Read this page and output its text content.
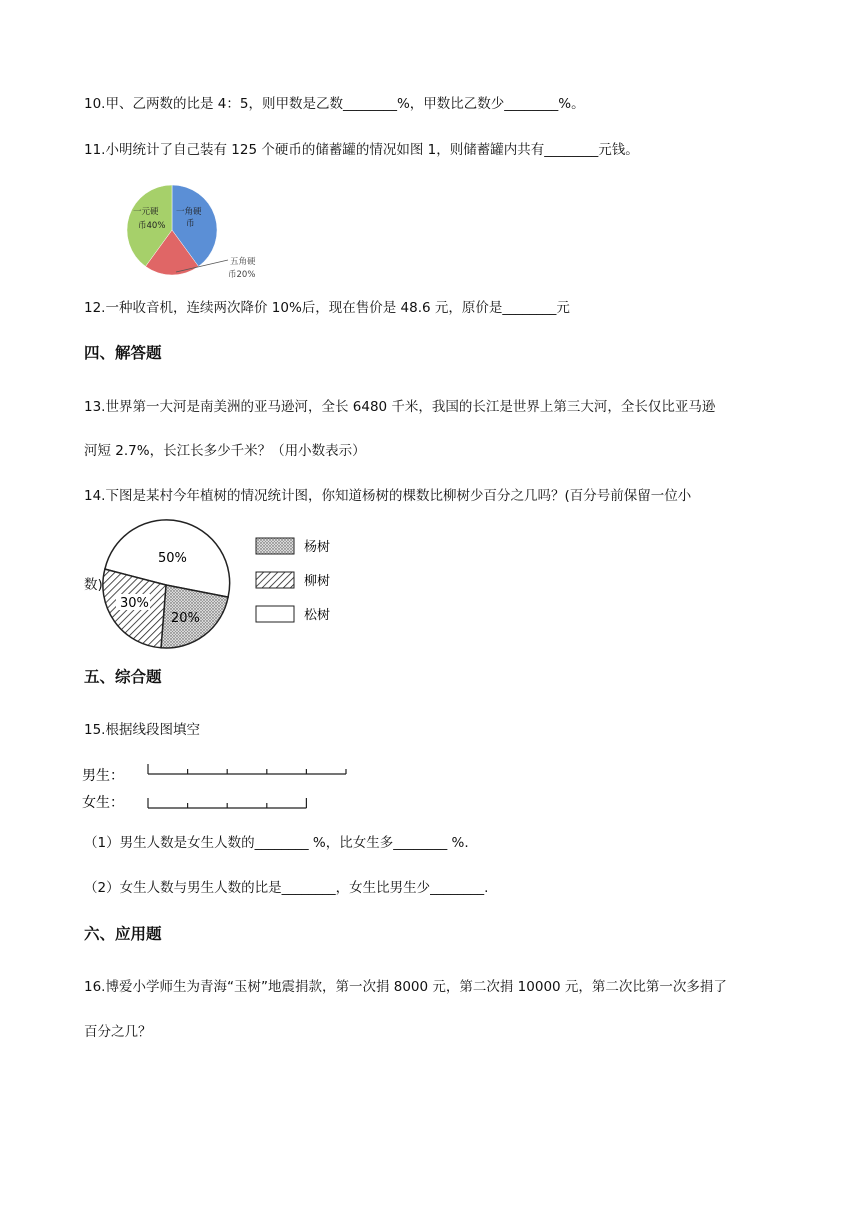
10.甲、乙两数的比是 4：5，则甲数是乙数________%，甲数比乙数少________%。
11.小明统计了自己装有 125 个硬币的储蓄罐的情况如图 1，则储蓄罐内共有________元钱。
一角硬
币
一元硬
币40%
五角硬
币20%
12.一种收音机，连续两次降价 10%后，现在售价是 48.6 元，原价是________元
四、解答题
13.世界第一大河是南美洲的亚马逊河，全长 6480 千米，我国的长江是世界上第三大河，全长仅比亚马逊
河短 2.7%，长江长多少千米？（用小数表示）
14.下图是某村今年植树的情况统计图，你知道杨树的棵数比柳树少百分之几吗？(百分号前保留一位小
数)
50%
20%
30%
杨树
柳树
松树
五、综合题
15.根据线段图填空
男生：
女生：
（1）男生人数是女生人数的________ %，比女生多________ %.
（2）女生人数与男生人数的比是________，女生比男生少________.
六、应用题
16.博爱小学师生为青海“玉树”地震捐款，第一次捐 8000 元，第二次捐 10000 元，第二次比第一次多捐了
百分之几？
